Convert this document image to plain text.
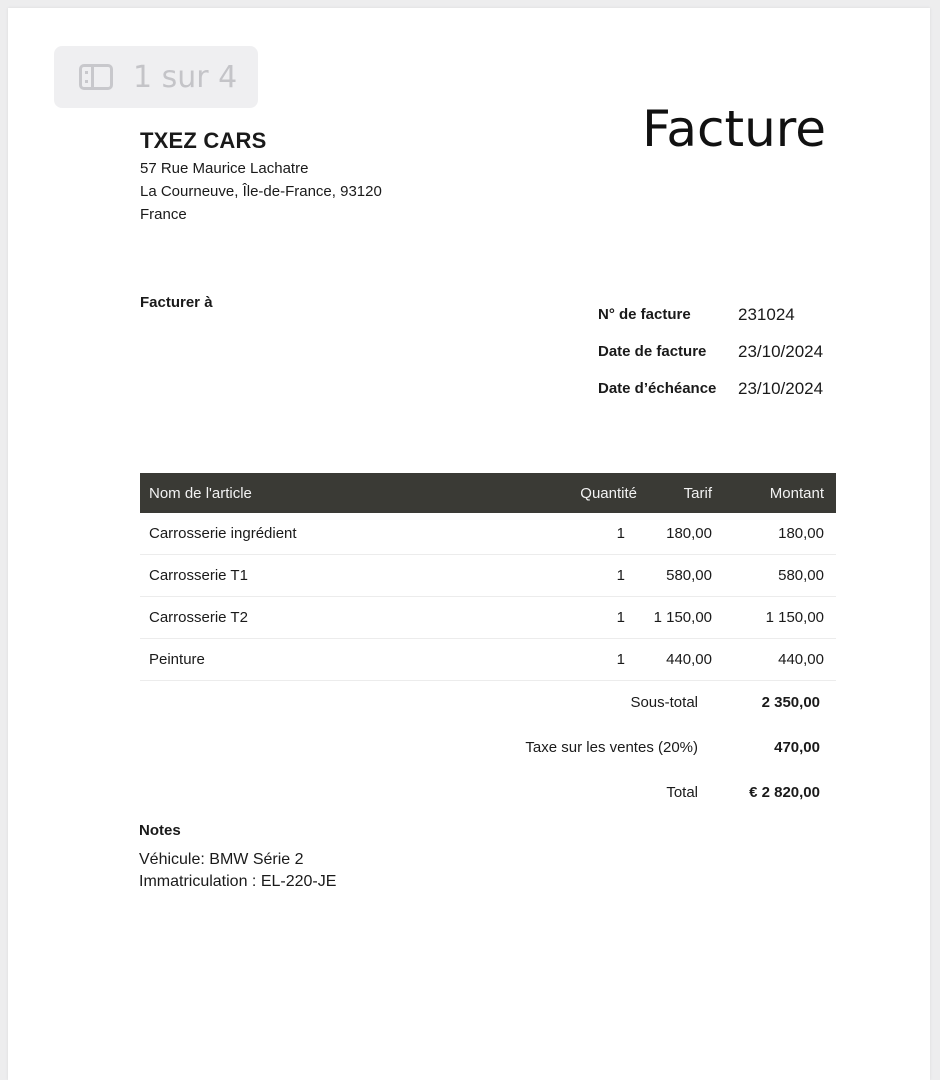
1 sur 4
TXEZ CARS
57 Rue Maurice Lachatre
La Courneuve, Île-de-France, 93120
France
Facture
Facturer à
N° de facture	231024
Date de facture	23/10/2024
Date d’échéance	23/10/2024
Nom de l'article	Quantité	Tarif	Montant
Carrosserie ingrédient	1	180,00	180,00
Carrosserie T1	1	580,00	580,00
Carrosserie T2	1	1 150,00	1 150,00
Peinture	1	440,00	440,00
Sous-total	2 350,00
Taxe sur les ventes (20%)	470,00
Total	€ 2 820,00
Notes
Véhicule: BMW Série 2
Immatriculation : EL-220-JE
